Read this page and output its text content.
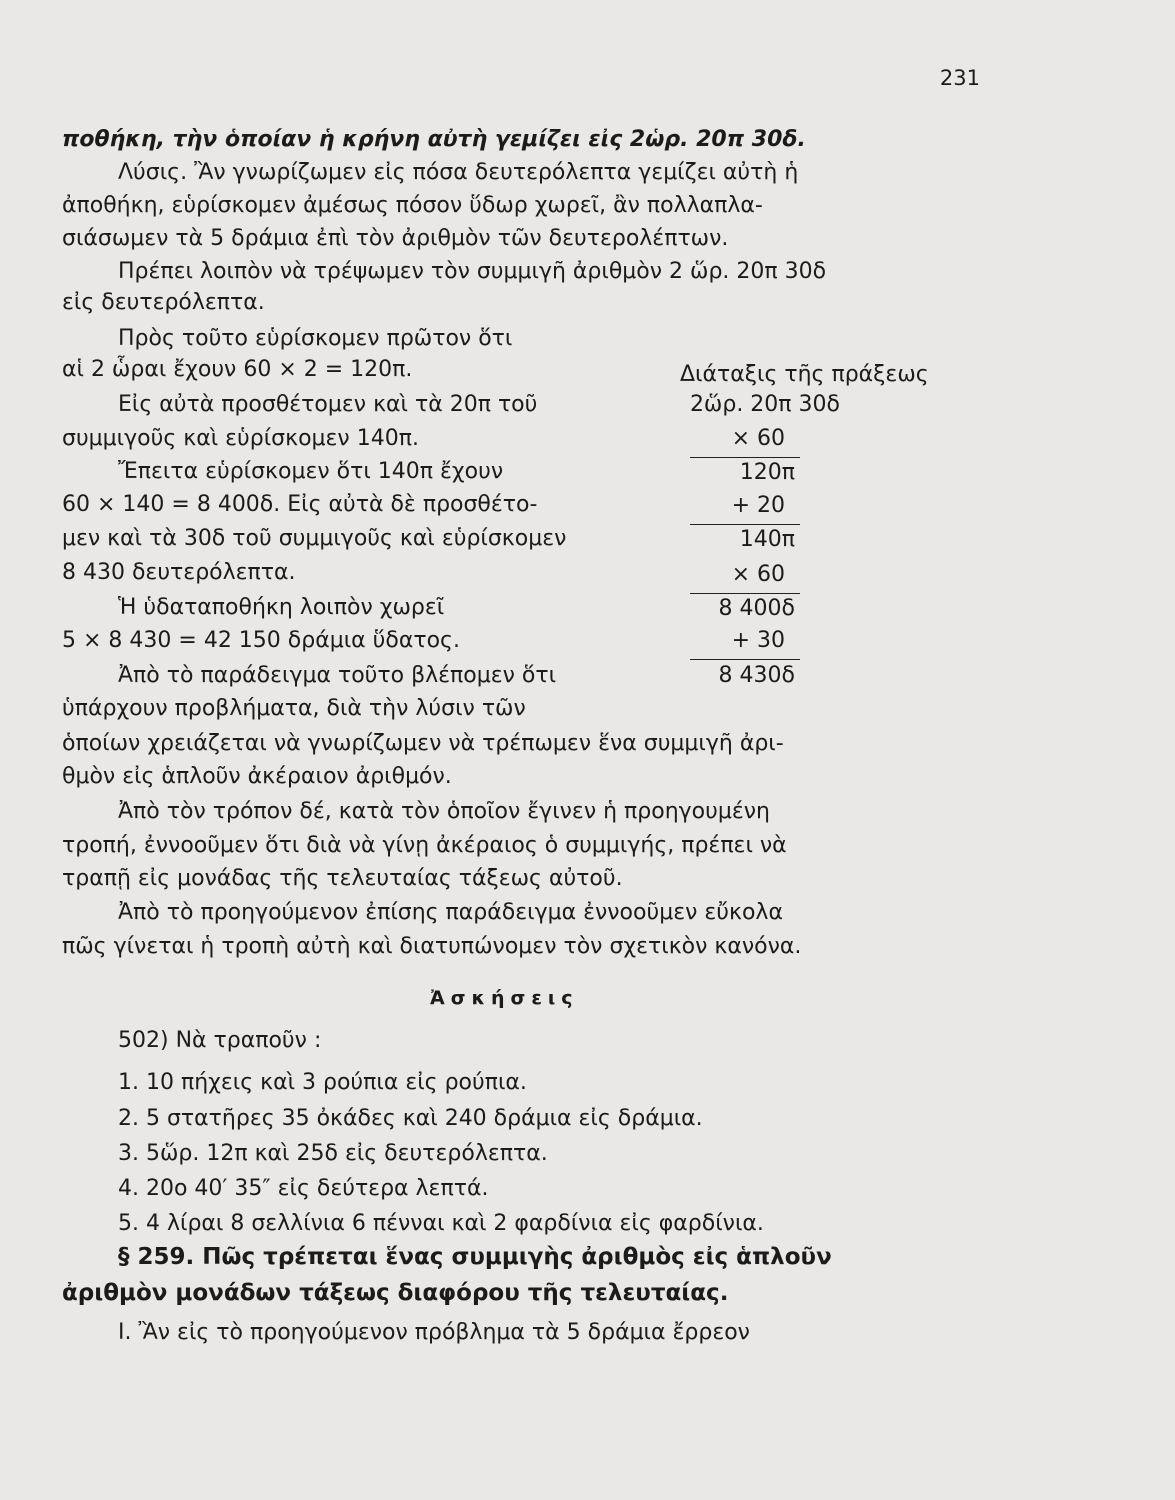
231
ποθήκη, τὴν ὁποίαν ἡ κρήνη αὐτὴ γεμίζει εἰς 2ὡρ. 20π 30δ.
Λύσις. Ἂν γνωρίζωμεν εἰς πόσα δευτερόλεπτα γεμίζει αὐτὴ ἡ
ἀποθήκη, εὑρίσκομεν ἀμέσως πόσον ὕδωρ χωρεῖ, ἂν πολλαπλα-
σιάσωμεν τὰ 5 δράμια ἐπὶ τὸν ἀριθμὸν τῶν δευτερολέπτων.
Πρέπει λοιπὸν νὰ τρέψωμεν τὸν συμμιγῆ ἀριθμὸν 2 ὥρ. 20π 30δ
εἰς δευτερόλεπτα.
Πρὸς τοῦτο εὑρίσκομεν πρῶτον ὅτι
αἱ 2 ὧραι ἔχουν 60 × 2 = 120π.
Εἰς αὐτὰ προσθέτομεν καὶ τὰ 20π τοῦ
συμμιγοῦς καὶ εὑρίσκομεν 140π.
Ἔπειτα εὑρίσκομεν ὅτι 140π ἔχουν
60 × 140 = 8 400δ. Εἰς αὐτὰ δὲ προσθέτο-
μεν καὶ τὰ 30δ τοῦ συμμιγοῦς καὶ εὑρίσκομεν
8 430 δευτερόλεπτα.
Ἡ ὑδαταποθήκη λοιπὸν χωρεῖ
5 × 8 430 = 42 150 δράμια ὕδατος.
Διάταξις τῆς πράξεως
2ὥρ. 20π 30δ
× 60
120π
+ 20
140π
× 60
8 400δ
+ 30
8 430δ
Ἀπὸ τὸ παράδειγμα τοῦτο βλέπομεν ὅτι
ὑπάρχουν προβλήματα, διὰ τὴν λύσιν τῶν
ὁποίων χρειάζεται νὰ γνωρίζωμεν νὰ τρέπωμεν ἕνα συμμιγῆ ἀρι-
θμὸν εἰς ἁπλοῦν ἀκέραιον ἀριθμόν.
Ἀπὸ τὸν τρόπον δέ, κατὰ τὸν ὁποῖον ἔγινεν ἡ προηγουμένη
τροπή, ἐννοοῦμεν ὅτι διὰ νὰ γίνῃ ἀκέραιος ὁ συμμιγής, πρέπει νὰ
τραπῇ εἰς μονάδας τῆς τελευταίας τάξεως αὐτοῦ.
Ἀπὸ τὸ προηγούμενον ἐπίσης παράδειγμα ἐννοοῦμεν εὔκολα
πῶς γίνεται ἡ τροπὴ αὐτὴ καὶ διατυπώνομεν τὸν σχετικὸν κανόνα.
Ἀσκήσεις
502) Νὰ τραποῦν :
1. 10 πήχεις καὶ 3 ρούπια εἰς ρούπια.
2. 5 στατῆρες 35 ὀκάδες καὶ 240 δράμια εἰς δράμια.
3. 5ὥρ. 12π καὶ 25δ εἰς δευτερόλεπτα.
4. 20ο 40′ 35″ εἰς δεύτερα λεπτά.
5. 4 λίραι 8 σελλίνια 6 πένναι καὶ 2 φαρδίνια εἰς φαρδίνια.
§ 259. Πῶς τρέπεται ἕνας συμμιγὴς ἀριθμὸς εἰς ἁπλοῦν
ἀριθμὸν μονάδων τάξεως διαφόρου τῆς τελευταίας.
Ι. Ἂν εἰς τὸ προηγούμενον πρόβλημα τὰ 5 δράμια ἔρρεον
